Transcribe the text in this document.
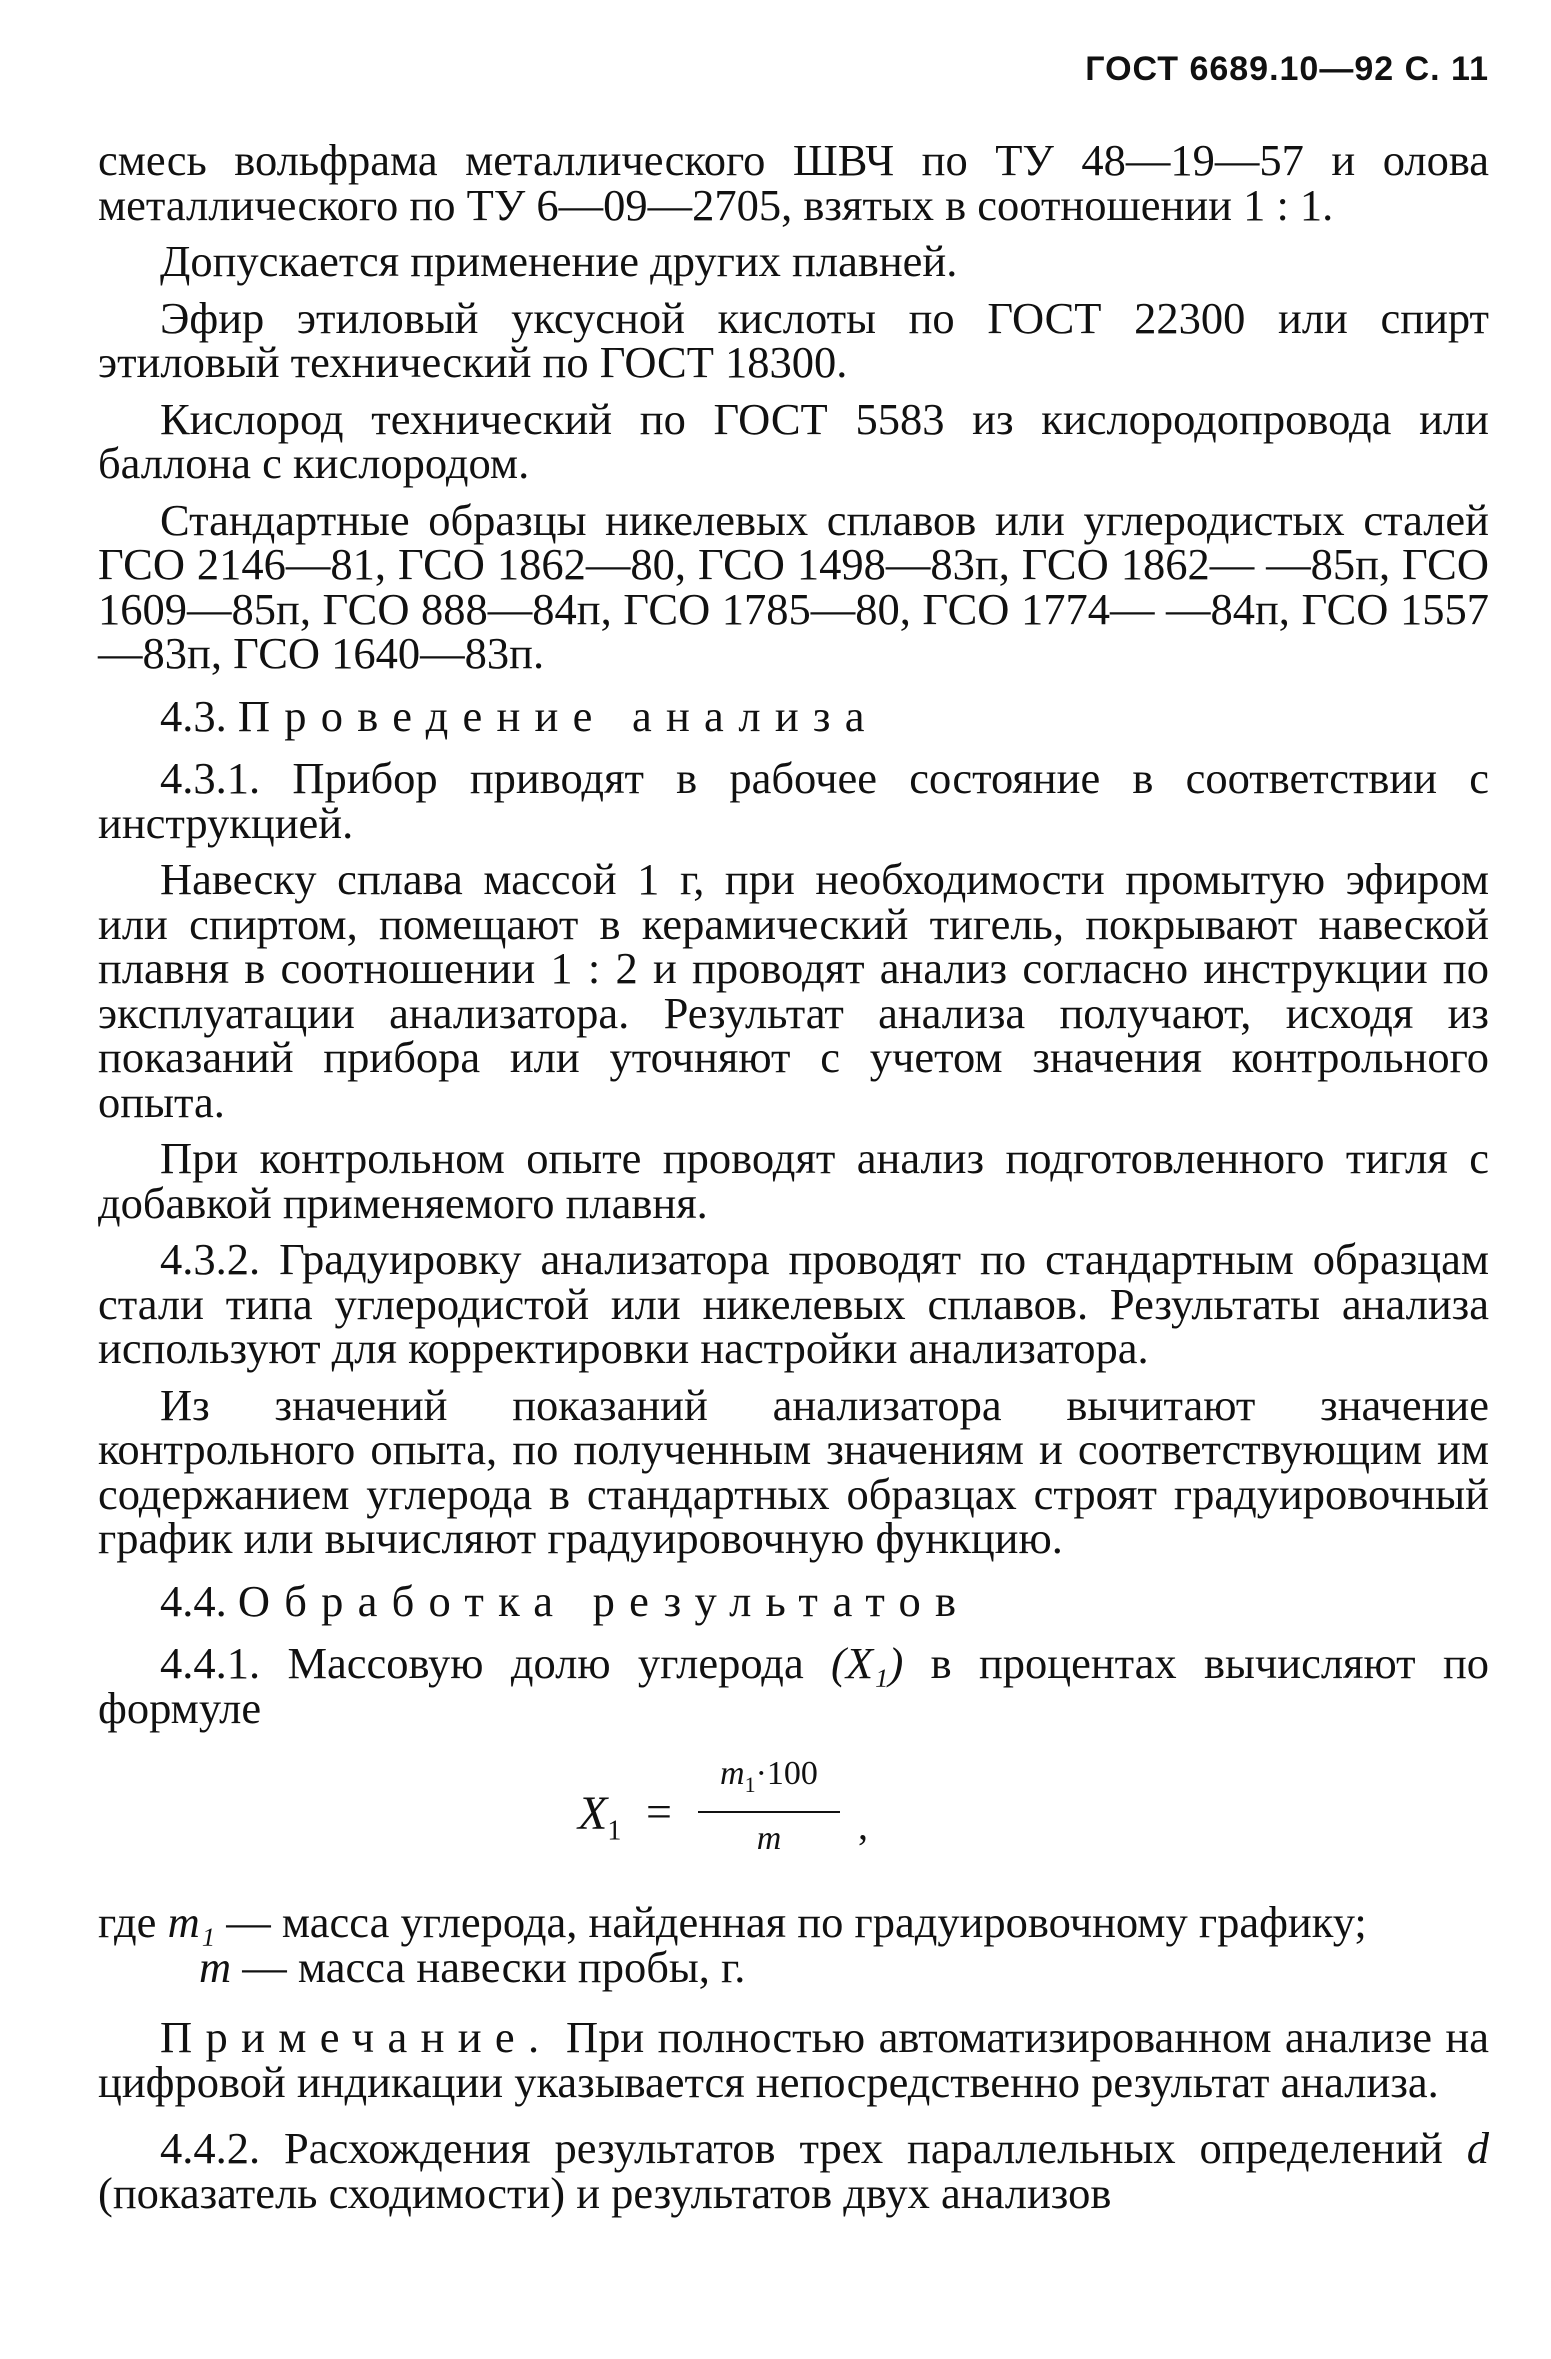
ГОСТ 6689.10—92 С. 11

смесь вольфрама металлического ШВЧ по ТУ 48—19—57 и олова металлического по ТУ 6—09—2705, взятых в соотношении 1 : 1.

Допускается применение других плавней.

Эфир этиловый уксусной кислоты по ГОСТ 22300 или спирт этиловый технический по ГОСТ 18300.

Кислород технический по ГОСТ 5583 из кислородопровода или баллона с кислородом.

Стандартные образцы никелевых сплавов или углеродистых сталей ГСО 2146—81, ГСО 1862—80, ГСО 1498—83п, ГСО 1862— —85п, ГСО 1609—85п, ГСО 888—84п, ГСО 1785—80, ГСО 1774— —84п, ГСО 1557—83п, ГСО 1640—83п.

4.3. Проведение анализа

4.3.1. Прибор приводят в рабочее состояние в соответствии с инструкцией.

Навеску сплава массой 1 г, при необходимости промытую эфиром или спиртом, помещают в керамический тигель, покрывают навеской плавня в соотношении 1 : 2 и проводят анализ согласно инструкции по эксплуатации анализатора. Результат анализа получают, исходя из показаний прибора или уточняют с учетом значения контрольного опыта.

При контрольном опыте проводят анализ подготовленного тигля с добавкой применяемого плавня.

4.3.2. Градуировку анализатора проводят по стандартным образцам стали типа углеродистой или никелевых сплавов. Результаты анализа используют для корректировки настройки анализатора.

Из значений показаний анализатора вычитают значение контрольного опыта, по полученным значениям и соответствующим им содержанием углерода в стандартных образцах строят градуировочный график или вычисляют градуировочную функцию.

4.4. Обработка результатов

4.4.1. Массовую долю углерода (X₁) в процентах вычисляют по формуле

$X_1$ =
$m_1\cdot 100$
m	,

где m₁ — масса углерода, найденная по градуировочному графику;

m — масса навески пробы, г.

Примечание. При полностью автоматизированном анализе на цифровой индикации указывается непосредственно результат анализа.

4.4.2. Расхождения результатов трех параллельных определений d (показатель сходимости) и результатов двух анализов
